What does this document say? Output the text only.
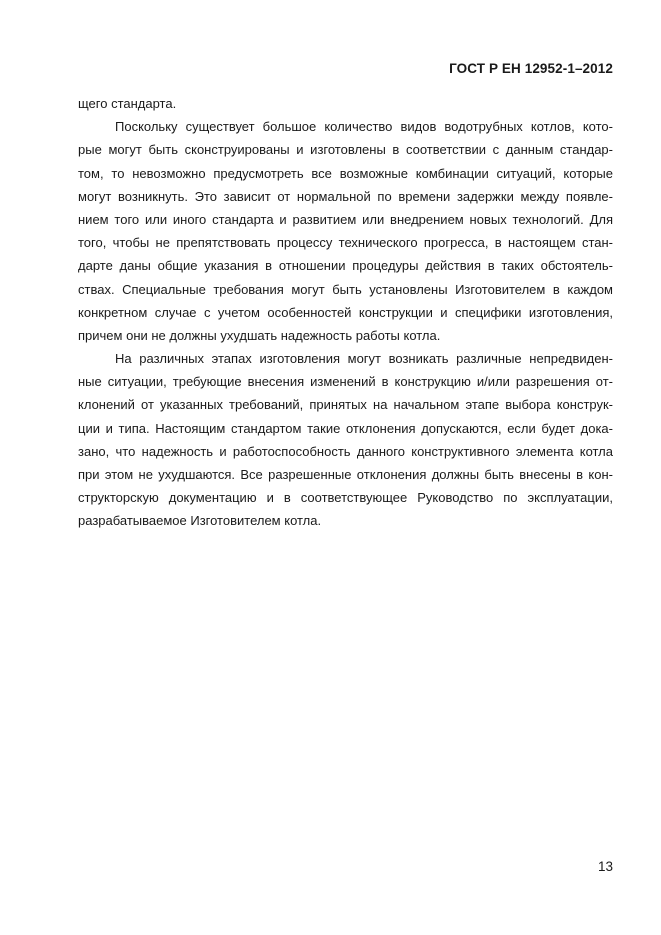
ГОСТ Р ЕН 12952-1–2012
щего стандарта.
Поскольку существует большое количество видов водотрубных котлов, кото-
рые могут быть сконструированы и изготовлены в соответствии с данным стандар-
том, то невозможно предусмотреть все возможные комбинации ситуаций, которые
могут возникнуть. Это зависит от нормальной по времени задержки между появле-
нием того или иного стандарта и развитием или внедрением новых технологий. Для
того, чтобы не препятствовать процессу технического прогресса, в настоящем стан-
дарте даны общие указания в отношении процедуры действия в таких обстоятель-
ствах. Специальные требования могут быть установлены Изготовителем в каждом
конкретном случае с учетом особенностей конструкции и специфики изготовления,
причем они не должны ухудшать надежность работы котла.
На различных этапах изготовления могут возникать различные непредвиден-
ные ситуации, требующие внесения изменений в конструкцию и/или разрешения от-
клонений от указанных требований, принятых на начальном этапе выбора конструк-
ции и типа. Настоящим стандартом такие отклонения допускаются, если будет дока-
зано, что надежность и работоспособность данного конструктивного элемента котла
при этом не ухудшаются. Все разрешенные отклонения должны быть внесены в кон-
структорскую документацию и в соответствующее Руководство по эксплуатации,
разрабатываемое Изготовителем котла.
13
